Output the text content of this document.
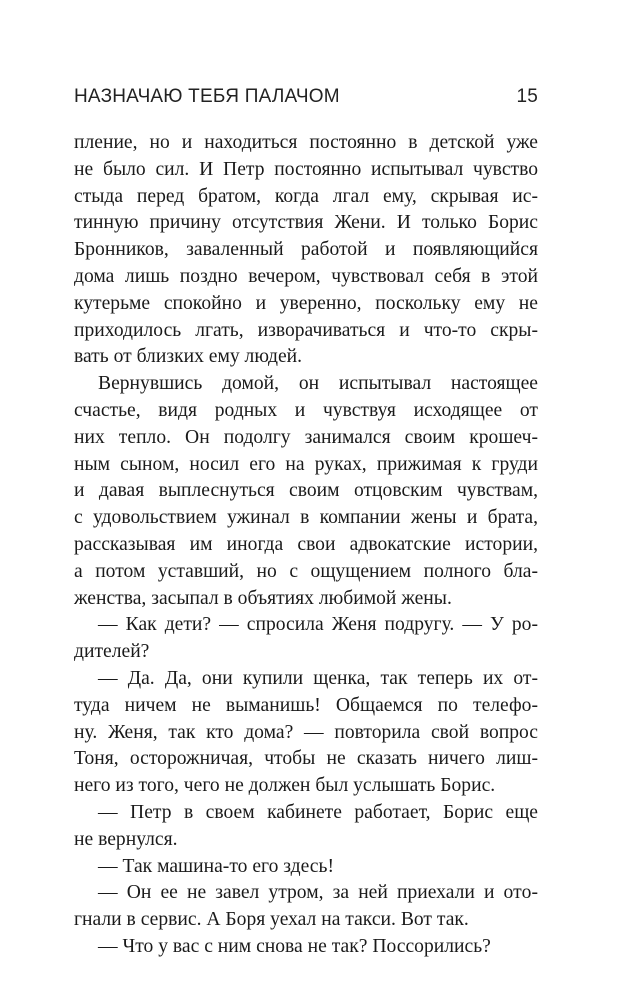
НАЗНАЧАЮ ТЕБЯ ПАЛАЧОМ	15
пление, но и находиться постоянно в детской уже
не было сил. И Петр постоянно испытывал чувство
стыда перед братом, когда лгал ему, скрывая ис-
тинную причину отсутствия Жени. И только Борис
Бронников, заваленный работой и появляющийся
дома лишь поздно вечером, чувствовал себя в этой
кутерьме спокойно и уверенно, поскольку ему не
приходилось лгать, изворачиваться и что-то скры-
вать от близких ему людей.
Вернувшись домой, он испытывал настоящее
счастье, видя родных и чувствуя исходящее от
них тепло. Он подолгу занимался своим крошеч-
ным сыном, носил его на руках, прижимая к груди
и давая выплеснуться своим отцовским чувствам,
с удовольствием ужинал в компании жены и брата,
рассказывая им иногда свои адвокатские истории,
а потом уставший, но с ощущением полного бла-
женства, засыпал в объятиях любимой жены.
— Как дети? — спросила Женя подругу. — У ро-
дителей?
— Да. Да, они купили щенка, так теперь их от-
туда ничем не выманишь! Общаемся по телефо-
ну. Женя, так кто дома? — повторила свой вопрос
Тоня, осторожничая, чтобы не сказать ничего лиш-
него из того, чего не должен был услышать Борис.
— Петр в своем кабинете работает, Борис еще
не вернулся.
— Так машина-то его здесь!
— Он ее не завел утром, за ней приехали и отo-
гнали в сервис. А Боря уехал на такси. Вот так.
— Что у вас с ним снова не так? Поссорились?
